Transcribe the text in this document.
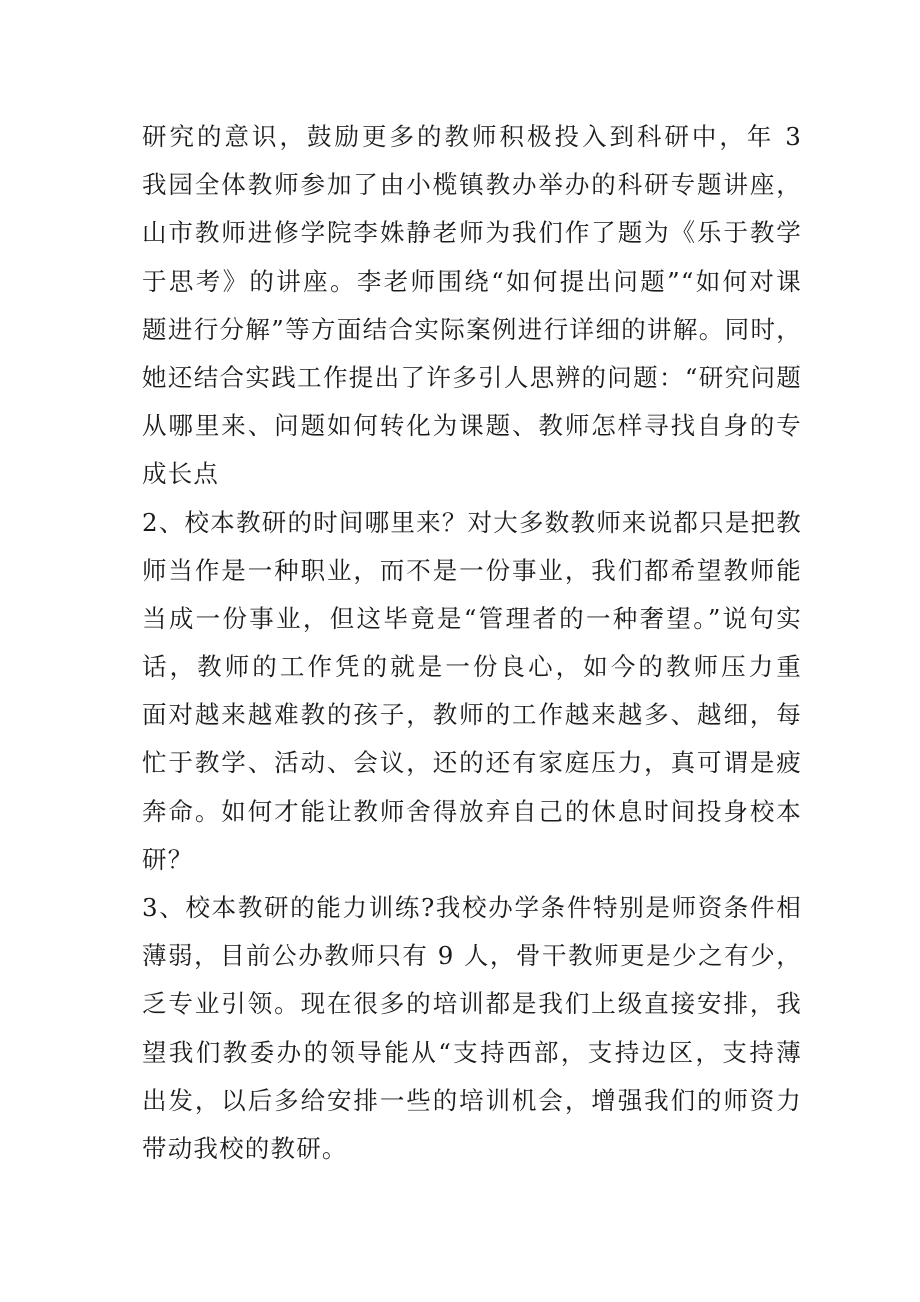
研究的意识，鼓励更多的教师积极投入到科研中，年 3
我园全体教师参加了由小榄镇教办举办的科研专题讲座，
山市教师进修学院李姝静老师为我们作了题为《乐于教学
于思考》的讲座。李老师围绕“如何提出问题”“如何对课
题进行分解”等方面结合实际案例进行详细的讲解。同时，
她还结合实践工作提出了许多引人思辨的问题：“研究问题
从哪里来、问题如何转化为课题、教师怎样寻找自身的专
成长点
2、校本教研的时间哪里来？对大多数教师来说都只是把教
师当作是一种职业，而不是一份事业，我们都希望教师能
当成一份事业，但这毕竟是“管理者的一种奢望。”说句实
话，教师的工作凭的就是一份良心，如今的教师压力重
面对越来越难教的孩子，教师的工作越来越多、越细，每
忙于教学、活动、会议，还的还有家庭压力，真可谓是疲
奔命。如何才能让教师舍得放弃自己的休息时间投身校本
研？
3、校本教研的能力训练?我校办学条件特别是师资条件相
薄弱，目前公办教师只有 9 人，骨干教师更是少之有少，
乏专业引领。现在很多的培训都是我们上级直接安排，我
望我们教委办的领导能从“支持西部，支持边区，支持薄
出发，以后多给安排一些的培训机会，增强我们的师资力
带动我校的教研。
